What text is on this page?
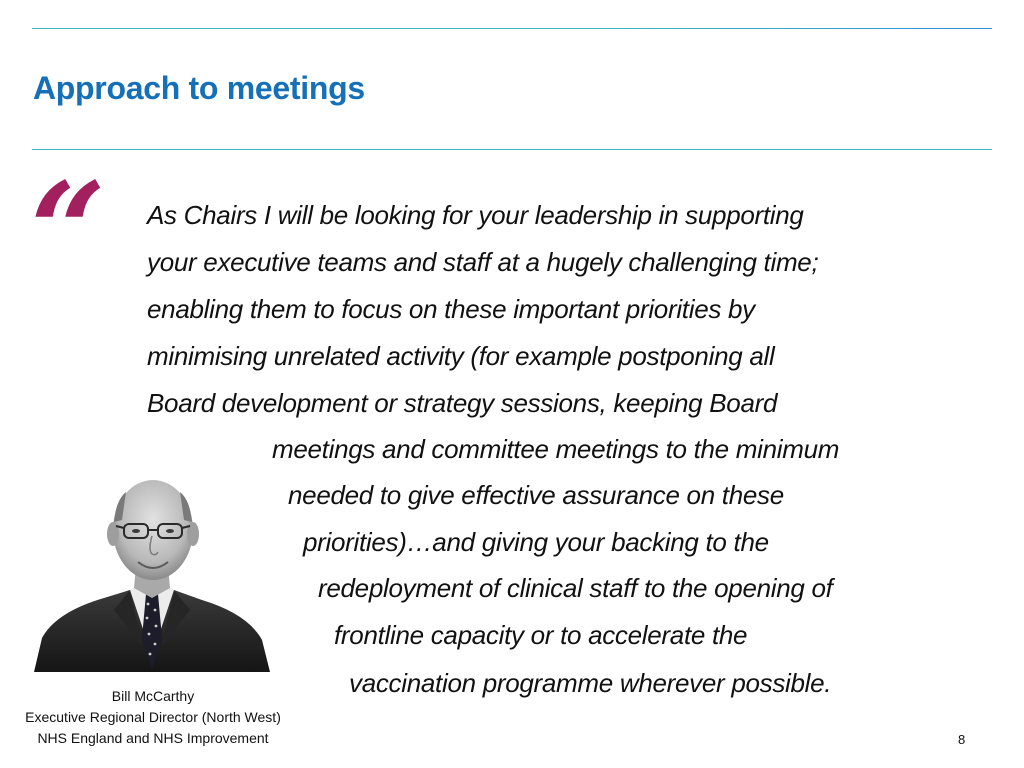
Approach to meetings
“ As Chairs I will be looking for your leadership in supporting
your executive teams and staff at a hugely challenging time;
enabling them to focus on these important priorities by
minimising unrelated activity (for example postponing all
Board development or strategy sessions, keeping Board
meetings and committee meetings to the minimum
needed to give effective assurance on these
priorities)…and giving your backing to the
redeployment of clinical staff to the opening of
frontline capacity or to accelerate the
vaccination programme wherever possible.
Bill McCarthy
Executive Regional Director (North West)
NHS England and NHS Improvement	8
